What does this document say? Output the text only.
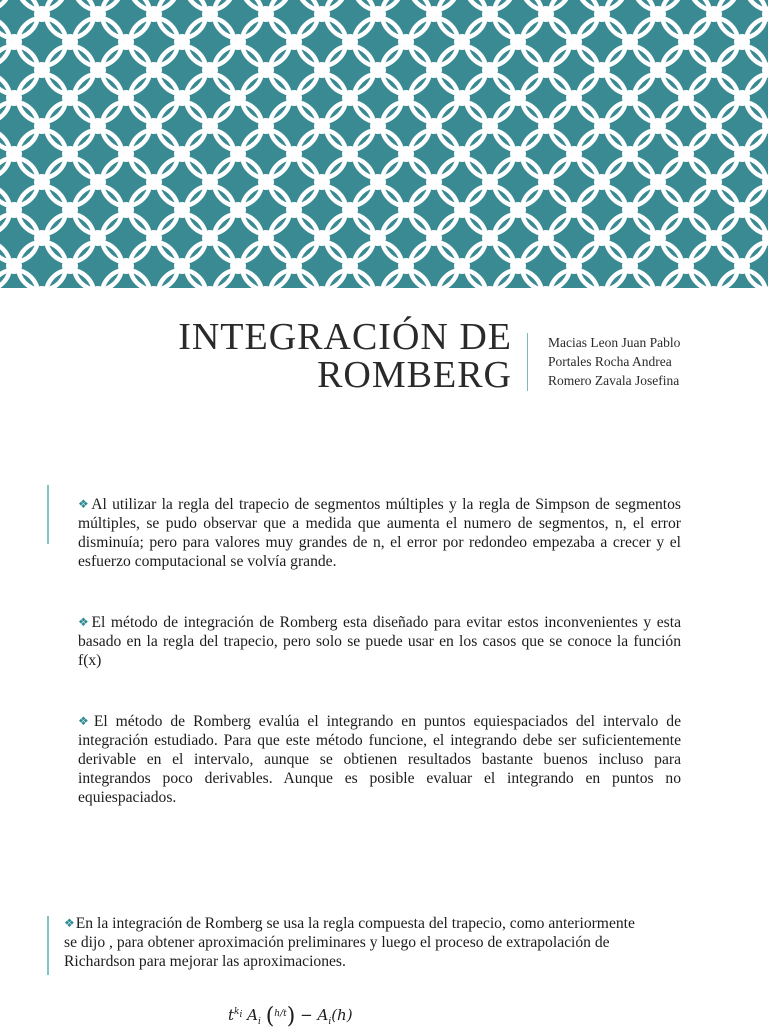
INTEGRACIÓN DE
ROMBERG
Macias Leon Juan Pablo
Portales Rocha Andrea
Romero Zavala Josefina
❖Al utilizar la regla del trapecio de segmentos múltiples y la regla de Simpson de segmentos múltiples, se pudo observar que a medida que aumenta el numero de segmentos, n, el error disminuía; pero para valores muy grandes de n, el error por redondeo empezaba a crecer y el esfuerzo computacional se volvía grande.
❖El método de integración de Romberg esta diseñado para evitar estos inconvenientes y esta basado en la regla del trapecio, pero solo se puede usar en los casos que se conoce la función f(x)
❖El método de Romberg evalúa el integrando en puntos equiespaciados del intervalo de integración estudiado. Para que este método funcione, el integrando debe ser suficientemente derivable en el intervalo, aunque se obtienen resultados bastante buenos incluso para integrandos poco derivables. Aunque es posible evaluar el integrando en puntos no equiespaciados.
❖En la integración de Romberg se usa la regla compuesta del trapecio, como anteriormente se dijo , para obtener aproximación preliminares y luego el proceso de extrapolación de Richardson para mejorar las aproximaciones.
$t^{k_i}$ $A_i$ $(h/t) - A_i(h)$
